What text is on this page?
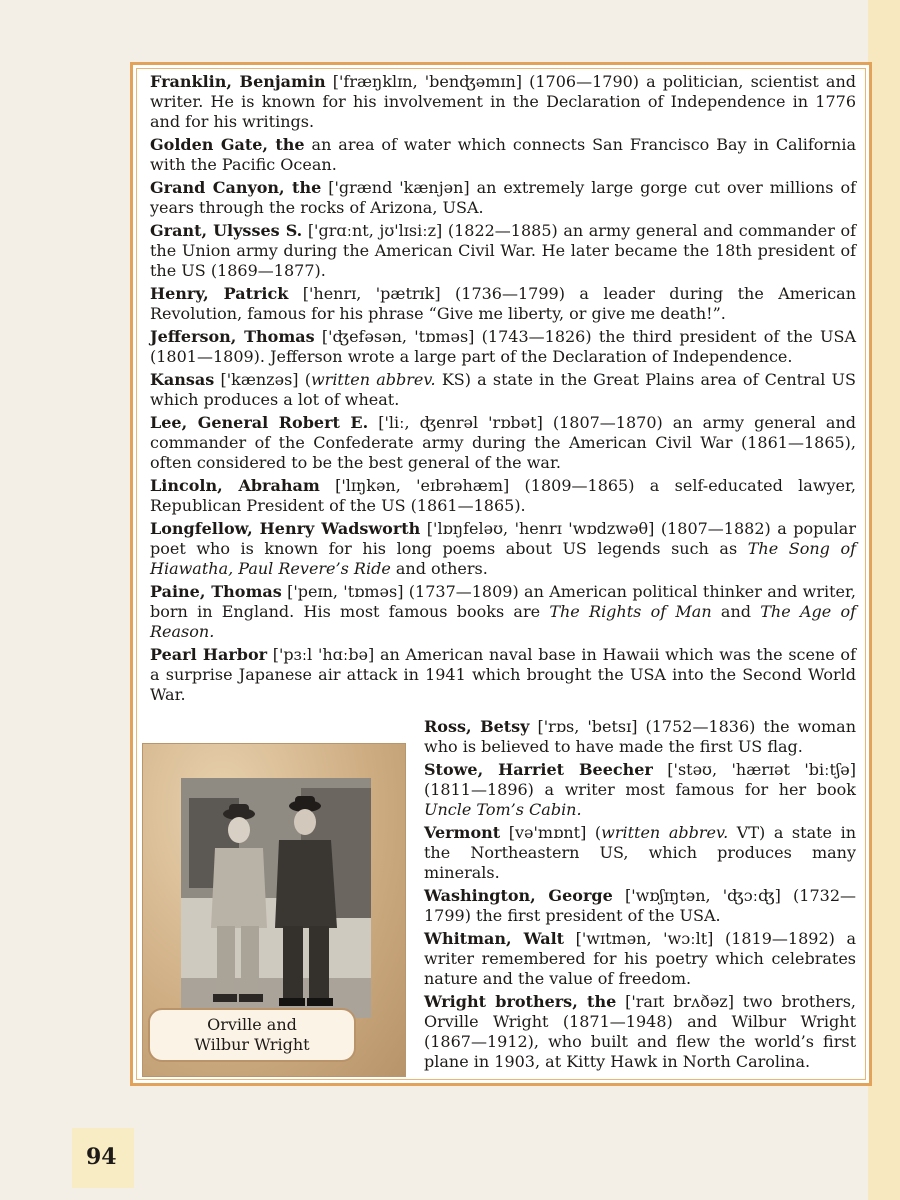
Franklin, Benjamin ['fræŋklɪn, 'benʤəmɪn] (1706—1790) a politician, scientist and writer. He is known for his involvement in the Declaration of Independence in 1776 and for his writings.

Golden Gate, the an area of water which connects San Francisco Bay in California with the Pacific Ocean.

Grand Canyon, the ['grænd 'kænjən] an extremely large gorge cut over millions of years through the rocks of Arizona, USA.

Grant, Ulysses S. ['grɑːnt, jʊ'lɪsiːz] (1822—1885) an army general and commander of the Union army during the American Civil War. He later became the 18th president of the US (1869—1877).

Henry, Patrick ['henrɪ, 'pætrɪk] (1736—1799) a leader during the American Revolution, famous for his phrase “Give me liberty, or give me death!”.

Jefferson, Thomas ['ʤefəsən, 'tɒməs] (1743—1826) the third president of the USA (1801—1809). Jefferson wrote a large part of the Declaration of Independence.

Kansas ['kænzəs] (written abbrev. KS) a state in the Great Plains area of Central US which produces a lot of wheat.

Lee, General Robert E. ['liː, ʤenrəl 'rɒbət] (1807—1870) an army general and commander of the Confederate army during the American Civil War (1861—1865), often considered to be the best general of the war.

Lincoln, Abraham ['lɪŋkən, 'eɪbrəhæm] (1809—1865) a self-educated lawyer, Republican President of the US (1861—1865).

Longfellow, Henry Wadsworth ['lɒŋfeləʊ, 'henrɪ 'wɒdzwəθ] (1807—1882) a popular poet who is known for his long poems about US legends such as The Song of Hiawatha, Paul Revere’s Ride and others.

Paine, Thomas ['peɪn, 'tɒməs] (1737—1809) an American political thinker and writer, born in England. His most famous books are The Rights of Man and The Age of Reason.

Pearl Harbor ['pɜːl 'hɑːbə] an American naval base in Hawaii which was the scene of a surprise Japanese air attack in 1941 which brought the USA into the Second World War.

Ross, Betsy ['rɒs, 'betsɪ] (1752—1836) the woman who is believed to have made the first US flag.

Stowe, Harriet Beecher ['stəʊ, 'hærɪət 'biːtʃə] (1811—1896) a writer most famous for her book Uncle Tom’s Cabin.

Vermont [və'mɒnt] (written abbrev. VT) a state in the Northeastern US, which produces many minerals.

Washington, George ['wɒʃɪŋtən, 'ʤɔːʤ] (1732—1799) the first president of the USA.

Whitman, Walt ['wɪtmən, 'wɔːlt] (1819—1892) a writer remembered for his poetry which celebrates nature and the value of freedom.

Wright brothers, the ['raɪt brʌðəz] two brothers, Orville Wright (1871—1948) and Wilbur Wright (1867—1912), who built and flew the world’s first plane in 1903, at Kitty Hawk in North Carolina.

Orville and
Wilbur Wright
94
